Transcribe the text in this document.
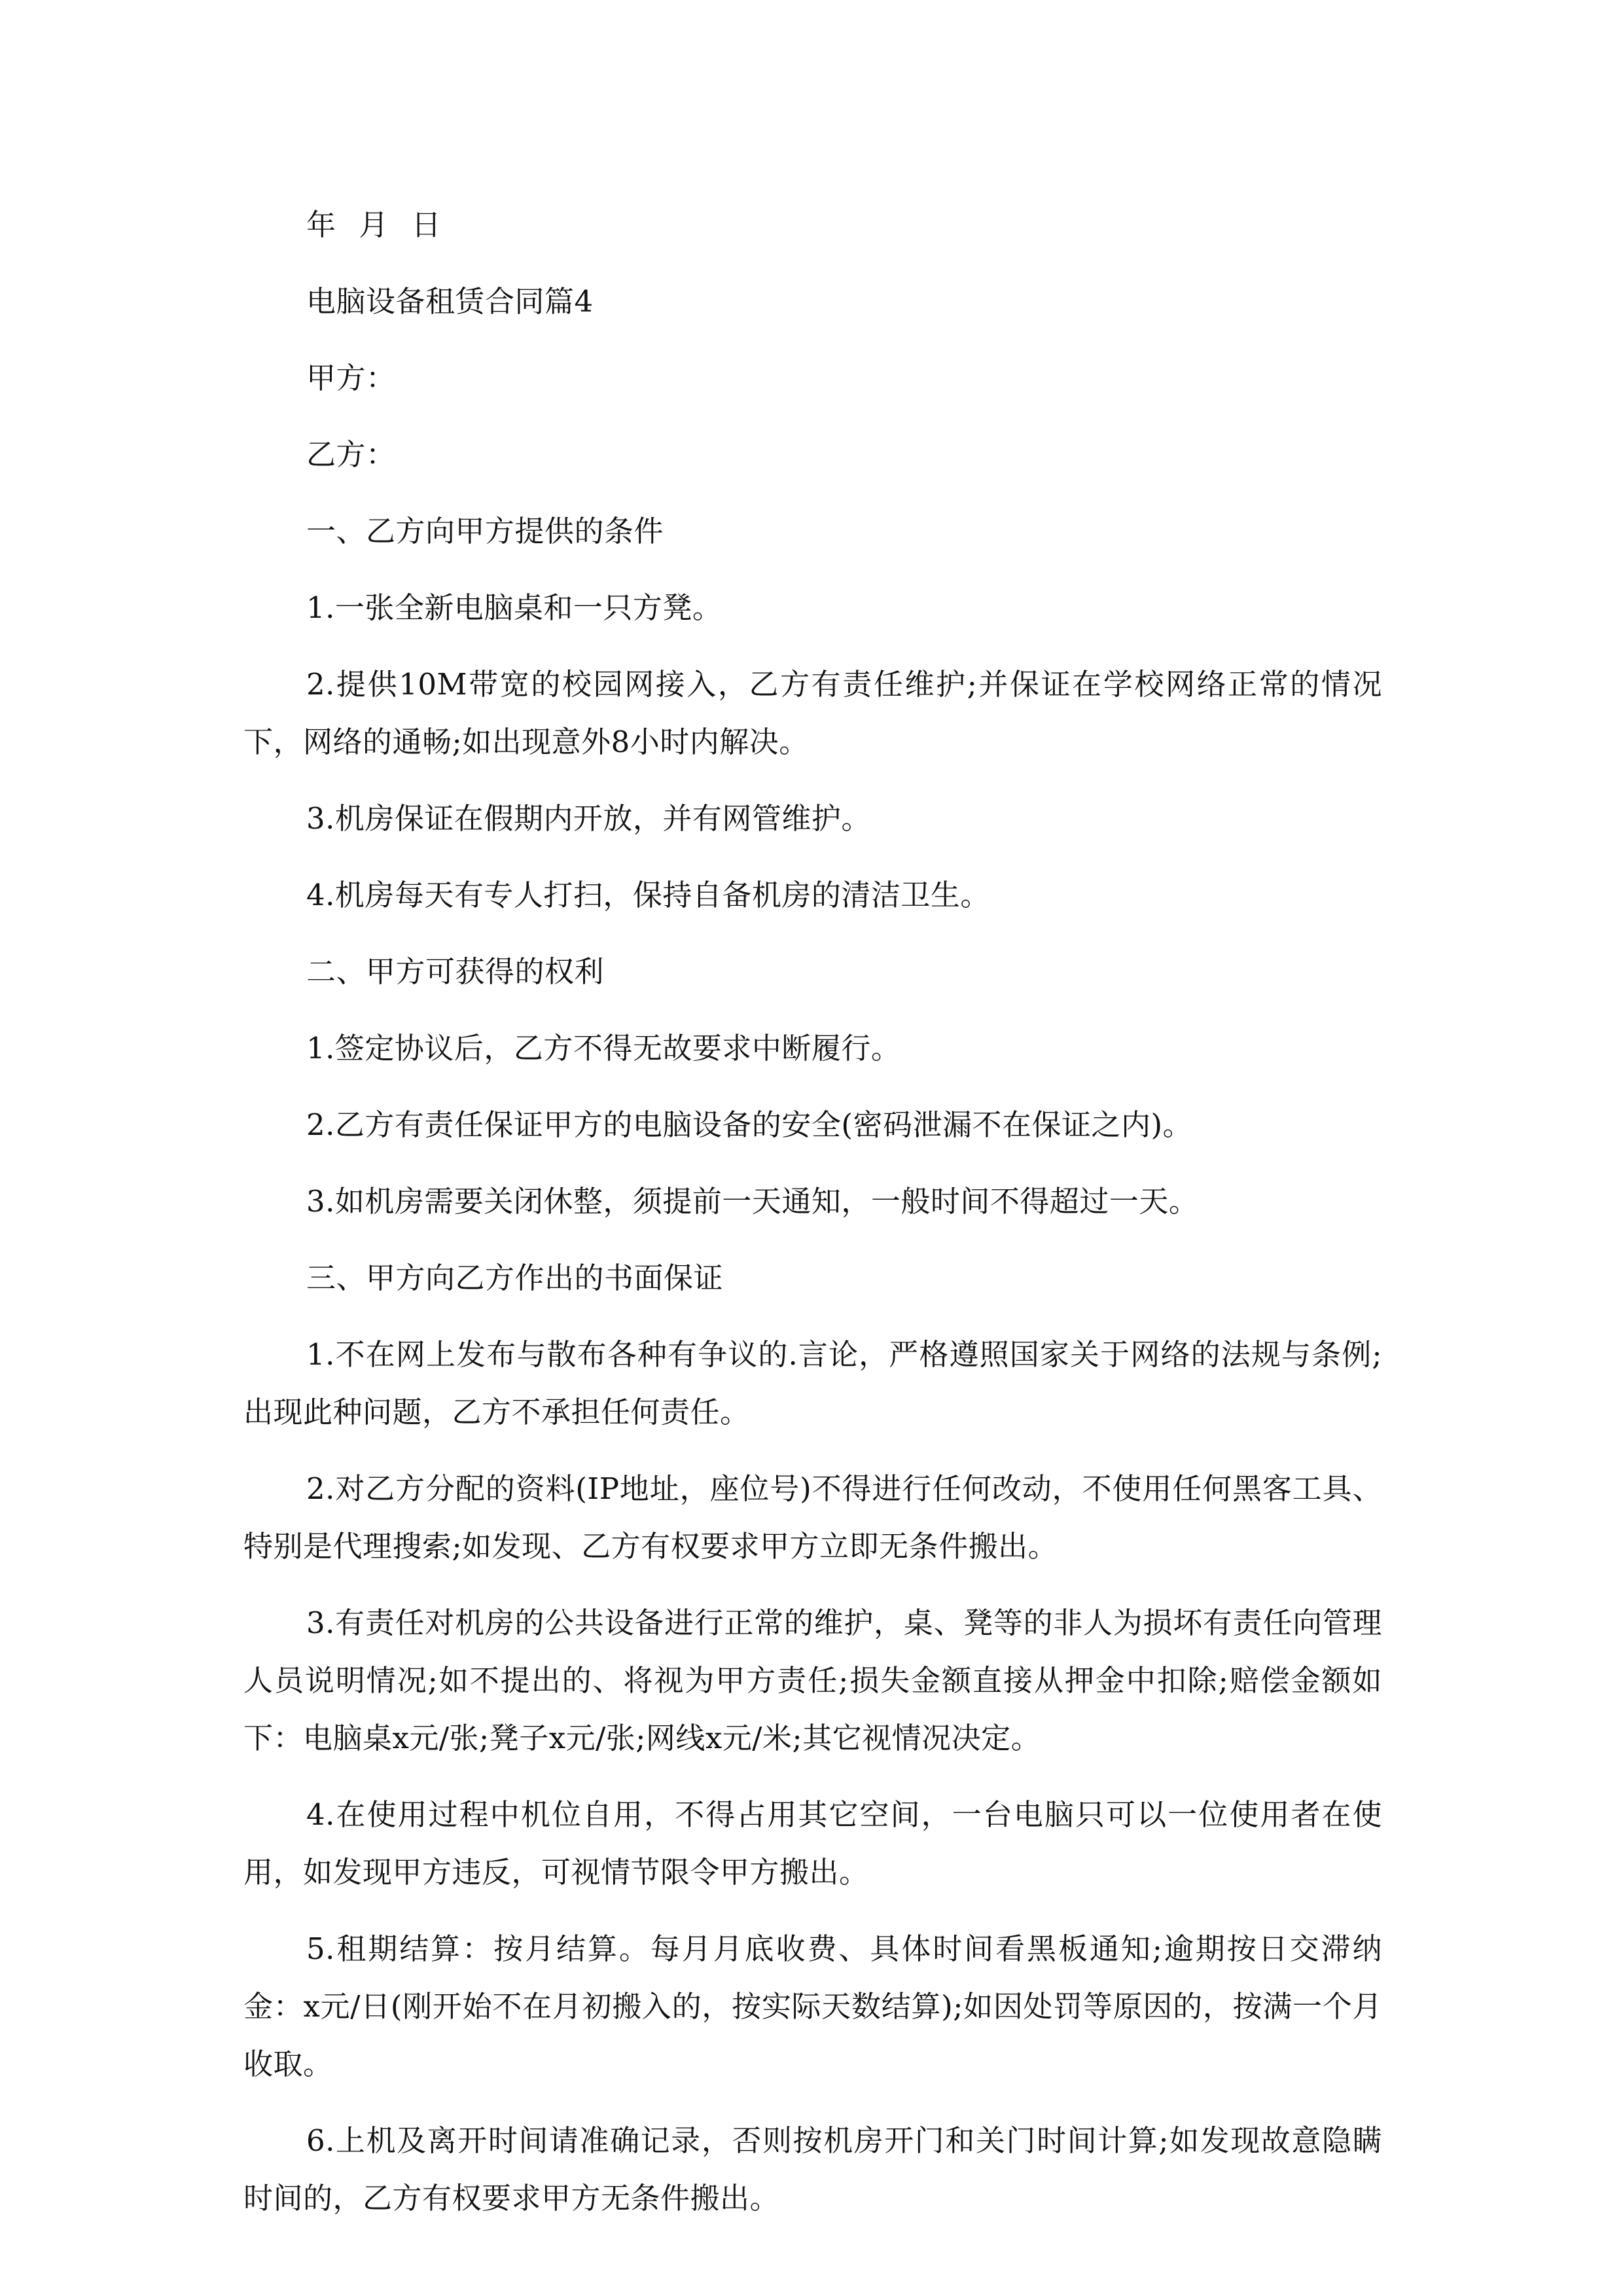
年 月 日

电脑设备租赁合同篇4

甲方：

乙方：

一、乙方向甲方提供的条件

1.一张全新电脑桌和一只方凳。

2.提供10M带宽的校园网接入，乙方有责任维护;并保证在学校网络正常的情况下，网络的通畅;如出现意外8小时内解决。

3.机房保证在假期内开放，并有网管维护。

4.机房每天有专人打扫，保持自备机房的清洁卫生。

二、甲方可获得的权利

1.签定协议后，乙方不得无故要求中断履行。

2.乙方有责任保证甲方的电脑设备的安全(密码泄漏不在保证之内)。

3.如机房需要关闭休整，须提前一天通知，一般时间不得超过一天。

三、甲方向乙方作出的书面保证

1.不在网上发布与散布各种有争议的.言论，严格遵照国家关于网络的法规与条例;出现此种问题，乙方不承担任何责任。

2.对乙方分配的资料(IP地址，座位号)不得进行任何改动，不使用任何黑客工具、特别是代理搜索;如发现、乙方有权要求甲方立即无条件搬出。

3.有责任对机房的公共设备进行正常的维护，桌、凳等的非人为损坏有责任向管理人员说明情况;如不提出的、将视为甲方责任;损失金额直接从押金中扣除;赔偿金额如下：电脑桌x元/张;凳子x元/张;网线x元/米;其它视情况决定。

4.在使用过程中机位自用，不得占用其它空间，一台电脑只可以一位使用者在使用，如发现甲方违反，可视情节限令甲方搬出。

5.租期结算：按月结算。每月月底收费、具体时间看黑板通知;逾期按日交滞纳金：x元/日(刚开始不在月初搬入的，按实际天数结算);如因处罚等原因的，按满一个月收取。

6.上机及离开时间请准确记录，否则按机房开门和关门时间计算;如发现故意隐瞒时间的，乙方有权要求甲方无条件搬出。
